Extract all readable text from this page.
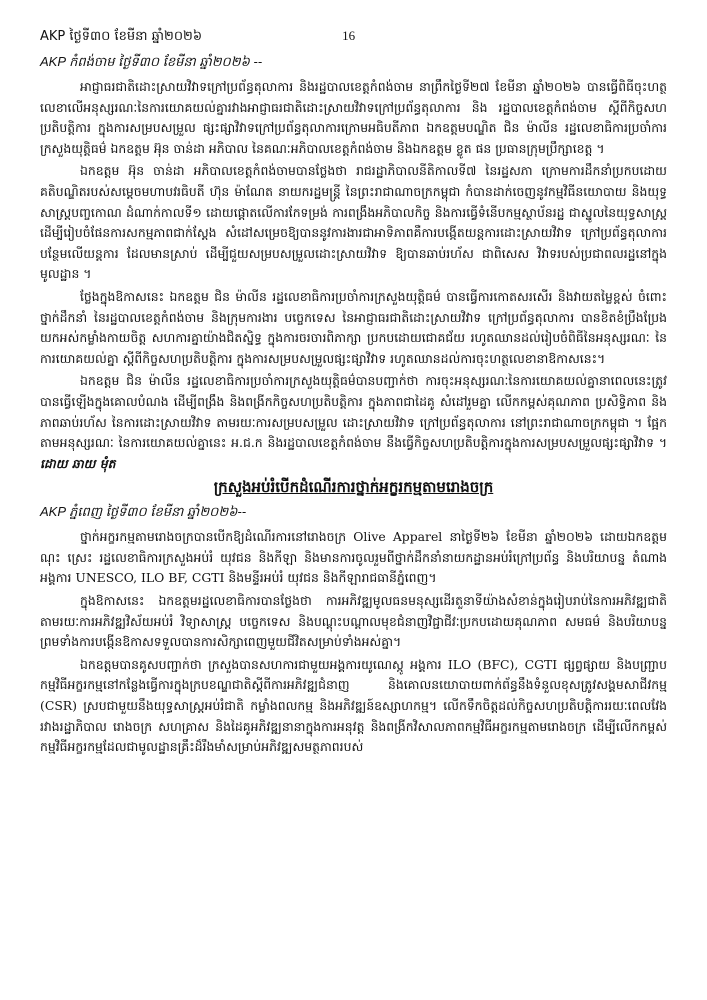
AKP ថ្ងៃទី៣០ ខែមីនា ឆ្នាំ២០២៦	16
AKP កំពង់ចាម ថ្ងៃទី៣០ ខែមីនា ឆ្នាំ២០២៦ --

អាជ្ញាធរជាតិដោះស្រាយវិវាទក្រៅប្រព័ន្ធតុលាការ និងរដ្ឋបាលខេត្តកំពង់ចាម នាព្រឹកថ្ងៃទី២៧ ខែមីនា ឆ្នាំ២០២៦ បានធ្វើពិធីចុះហត្ថលេខាលើអនុស្សរណៈនៃការយោគយល់គ្នារវាងអាជ្ញាធរជាតិដោះស្រាយវិវាទក្រៅប្រព័ន្ធតុលាការ និង រដ្ឋបាលខេត្តកំពង់ចាម ស្តីពីកិច្ចសហប្រតិបត្តិការ ក្នុងការសម្របសម្រួល ផ្សះផ្សាវិវាទក្រៅប្រព័ន្ធតុលាការក្រោមអធិបតីភាព ឯកឧត្តមបណ្ឌិត ជិន ម៉ាលីន រដ្ឋលេខាធិការប្រចាំការក្រសួងយុត្តិធម៌ ឯកឧត្តម អ៊ុន ចាន់ដា អភិបាល នៃគណៈអភិបាលខេត្តកំពង់ចាម និងឯកឧត្តម ខ្លូត ផន ប្រធានក្រុមប្រឹក្សាខេត្ត ។

ឯកឧត្តម អ៊ុន ចាន់ដា អភិបាលខេត្តកំពង់ចាមបានថ្លែងថា រាជរដ្ឋាភិបាលនីតិកាលទី៧ នៃរដ្ឋសភា ក្រោមការដឹកនាំប្រកបដោយគតិបណ្ឌិតរបស់សម្តេចមហាបវរធិបតី ហ៊ុន ម៉ាណែត នាយករដ្ឋមន្ត្រី នៃព្រះរាជាណាចក្រកម្ពុជា កំបានដាក់ចេញនូវកម្មវិធីនយោបាយ និងយុទ្ធសាស្ត្របញ្ចកោណ ដំណាក់កាលទី១ ដោយផ្តោតលើការកែទម្រង់ ការពង្រឹងអភិបាលកិច្ច និងការធ្វើទំនើបកម្មស្ថាប័នរដ្ឋ ជាស្នូលនៃយុទ្ធសាស្ត្រ ដើម្បីរៀបចំផែនការសកម្មភាពជាក់ស្តែង សំដៅសម្រេចឱ្យបាននូវការងារជាអាទិភាពគឺការបង្កើតយន្តការដោះស្រាយវិវាទ ក្រៅប្រព័ន្ធតុលាការ បន្ថែមលើយន្តការ ដែលមានស្រាប់ ដើម្បីជួយសម្របសម្រួលដោះស្រាយវិវាទ ឱ្យបានឆាប់រហ័ស ជាពិសេស វិវាទរបស់ប្រជាពលរដ្ឋនៅក្នុងមូលដ្ឋាន ។

ថ្លែងក្នុងឱកាសនេះ ឯកឧត្តម ជិន ម៉ាលីន រដ្ឋលេខាធិការប្រចាំការក្រសួងយុត្តិធម៌ បានធ្វើការកោតសរសើរ និងវាយតម្លៃខ្ពស់ ចំពោះថ្នាក់ដឹកនាំ នៃរដ្ឋបាលខេត្តកំពង់ចាម និងក្រុមការងារ បច្ចេកទេស នៃអាជ្ញាធរជាតិដោះស្រាយវិវាទ ក្រៅប្រព័ន្ធតុលាការ បានខិតខំប្រឹងប្រែង យកអស់កម្លាំងកាយចិត្ត សហការគ្នាយ៉ាងជិតស្និទ្ធ ក្នុងការចរចារពិភាក្សា ប្រកបដោយជោគជ័យ រហូតឈានដល់រៀបចំពិធីនៃអនុស្សរណៈ នៃការយោគយល់គ្នា ស្តីពីកិច្ចសហប្រតិបត្តិការ ក្នុងការសម្របសម្រួលផ្សះផ្សាវិវាទ រហូតឈានដល់ការចុះហត្ថលេខានាឱកាសនេះ។

ឯកឧត្តម ជិន ម៉ាលីន រដ្ឋលេខាធិការប្រចាំការក្រសួងយុត្តិធម៌បានបញ្ជាក់ថា ការចុះអនុស្សរណៈនៃការយោគយល់គ្នានាពេលនេះត្រូវបានធ្វើឡើងក្នុងគោលបំណង ដើម្បីពង្រឹង និងពង្រីកកិច្ចសហប្រតិបត្តិការ ក្នុងភាពជាដៃគូ សំដៅរួមគ្នា លើកកម្ពស់គុណភាព ប្រសិទ្ធិភាព និងភាពឆាប់រហ័ស នៃការដោះស្រាយវិវាទ តាមរយៈការសម្របសម្រួល ដោះស្រាយវិវាទ ក្រៅប្រព័ន្ធតុលាការ នៅព្រះរាជាណាចក្រកម្ពុជា ។ ផ្អែកតាមអនុស្សរណៈ នៃការយោគយល់គ្នានេះ អ.ជ.ក និងរដ្ឋបាលខេត្តកំពង់ចាម នឹងធ្វើកិច្ចសហប្រតិបត្តិការក្នុងការសម្របសម្រួលផ្សះផ្សាវិវាទ ។ ដោយ ឆាយ មុំត

ក្រសួងអប់រំបើកដំណើរការថ្នាក់អក្ខរកម្មតាមរោងចក្រ
AKP ភ្នំពេញ ថ្ងៃទី៣០ ខែមីនា ឆ្នាំ២០២៦--

ថ្នាក់អក្ខរកម្មតាមរោងចក្របានបើកឱ្យដំណើរការនៅរោងចក្រ Olive Apparel នាថ្ងៃទី២៦ ខែមីនា ឆ្នាំ២០២៦ ដោយឯកឧត្តម ណុះ ស្រេះ រដ្ឋលេខាធិការក្រសួងអប់រំ យុវជន និងកីឡា និងមានការចូលរួមពីថ្នាក់ដឹកនាំនាយកដ្ឋានអប់រំក្រៅប្រព័ន្ធ និងបរិយាបន្ន តំណាងអង្គការ UNESCO, ILO BF, CGTI និងមន្ទីរអប់រំ យុវជន និងកីឡារាជធានីភ្នំពេញ។

ក្នុងឱកាសនេះ ឯកឧត្តមរដ្ឋលេខាធិការបានថ្លែងថា ការអភិវឌ្ឍមូលធនមនុស្សដើរតួនាទីយ៉ាងសំខាន់ក្នុងរៀបរាប់នៃការអភិវឌ្ឍជាតិតាមរយៈការអភិវឌ្ឍវិស័យអប់រំ វិទ្យាសាស្ត្រ បច្ចេកទេស និងបណ្តុះបណ្តាលមុខជំនាញវិជ្ជាជីវៈប្រកបដោយគុណភាព សមធម៌ និងបរិយាបន្ន ព្រមទាំងការបង្កើនឱកាសទទួលបានការសិក្សាពេញមួយជីវិតសម្រាប់ទាំងអស់គ្នា។

ឯកឧត្តមបានគូសបញ្ជាក់ថា ក្រសួងបានសហការជាមួយអង្គការយូណេស្កូ អង្គការ ILO (BFC), CGTI ផ្សព្វផ្សាយ និងបញ្ជ្រាបកម្មវិធីអក្ខរកម្មនៅកន្លែងធ្វើការក្នុងក្របខណ្ឌជាតិស្តីពីការអភិវឌ្ឍជំនាញ និងគោលនយោបាយពាក់ព័ន្ធនឹងទំនួលខុសត្រូវសង្គមសាជីវកម្ម (CSR) ស្របជាមួយនឹងយុទ្ធសាស្ត្រអប់រំជាតិ កម្លាំងពលកម្ម និងអភិវឌ្ឍន៍ឧស្សាហកម្ម។ លើកទឹកចិត្តដល់កិច្ចសហប្រតិបត្តិការរយៈពេលវែងរវាងរដ្ឋាភិបាល រោងចក្រ សហគ្រាស និងដៃគូអភិវឌ្ឍនានាក្នុងការអនុវត្ត និងពង្រីកវិសាលភាពកម្មវិធីអក្ខរកម្មតាមរោងចក្រ ដើម្បីលើកកម្ពស់កម្មវិធីអក្ខរកម្មដែលជាមូលដ្ឋានគ្រឹះដ៏រឹងមាំសម្រាប់អភិវឌ្ឍសមត្ថភាពរបស់
